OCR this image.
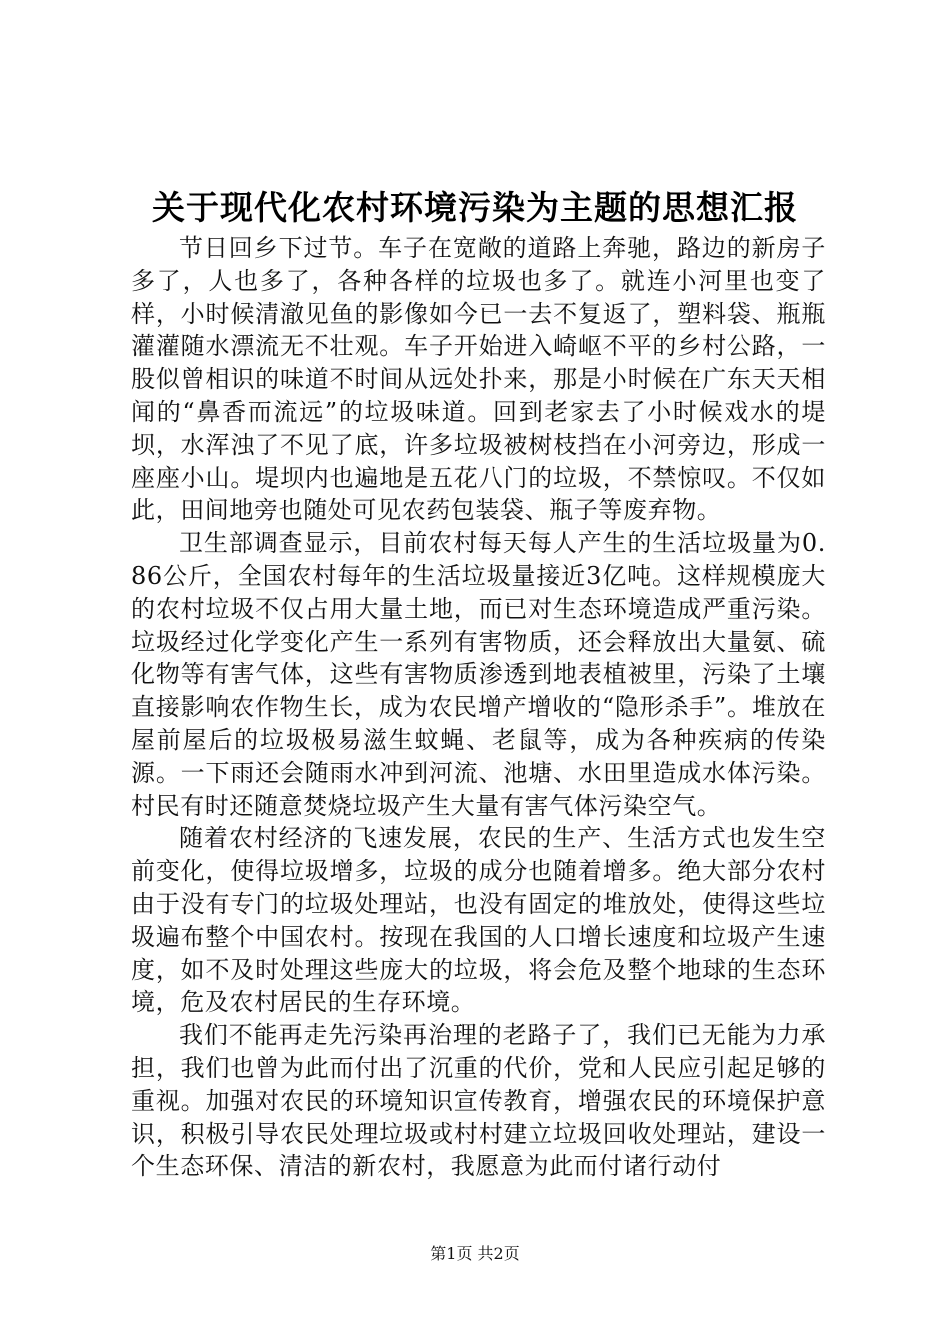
关于现代化农村环境污染为主题的思想汇报

节日回乡下过节。车子在宽敞的道路上奔驰，路边的新房子多了，人也多了，各种各样的垃圾也多了。就连小河里也变了样，小时候清澈见鱼的影像如今已一去不复返了，塑料袋、瓶瓶灌灌随水漂流无不壮观。车子开始进入崎岖不平的乡村公路，一股似曾相识的味道不时间从远处扑来，那是小时候在广东天天相闻的“鼻香而流远”的垃圾味道。回到老家去了小时候戏水的堤坝，水浑浊了不见了底，许多垃圾被树枝挡在小河旁边，形成一座座小山。堤坝内也遍地是五花八门的垃圾，不禁惊叹。不仅如此，田间地旁也随处可见农药包装袋、瓶子等废弃物。

卫生部调查显示，目前农村每天每人产生的生活垃圾量为0.86公斤，全国农村每年的生活垃圾量接近3亿吨。这样规模庞大的农村垃圾不仅占用大量土地，而已对生态环境造成严重污染。垃圾经过化学变化产生一系列有害物质，还会释放出大量氨、硫化物等有害气体，这些有害物质渗透到地表植被里，污染了土壤直接影响农作物生长，成为农民增产增收的“隐形杀手”。堆放在屋前屋后的垃圾极易滋生蚊蝇、老鼠等，成为各种疾病的传染源。一下雨还会随雨水冲到河流、池塘、水田里造成水体污染。村民有时还随意焚烧垃圾产生大量有害气体污染空气。

随着农村经济的飞速发展，农民的生产、生活方式也发生空前变化，使得垃圾增多，垃圾的成分也随着增多。绝大部分农村由于没有专门的垃圾处理站，也没有固定的堆放处，使得这些垃圾遍布整个中国农村。按现在我国的人口增长速度和垃圾产生速度，如不及时处理这些庞大的垃圾，将会危及整个地球的生态环境，危及农村居民的生存环境。

我们不能再走先污染再治理的老路子了，我们已无能为力承担，我们也曾为此而付出了沉重的代价，党和人民应引起足够的重视。加强对农民的环境知识宣传教育，增强农民的环境保护意识，积极引导农民处理垃圾或村村建立垃圾回收处理站，建设一个生态环保、清洁的新农村，我愿意为此而付诸行动付

第1页 共2页
